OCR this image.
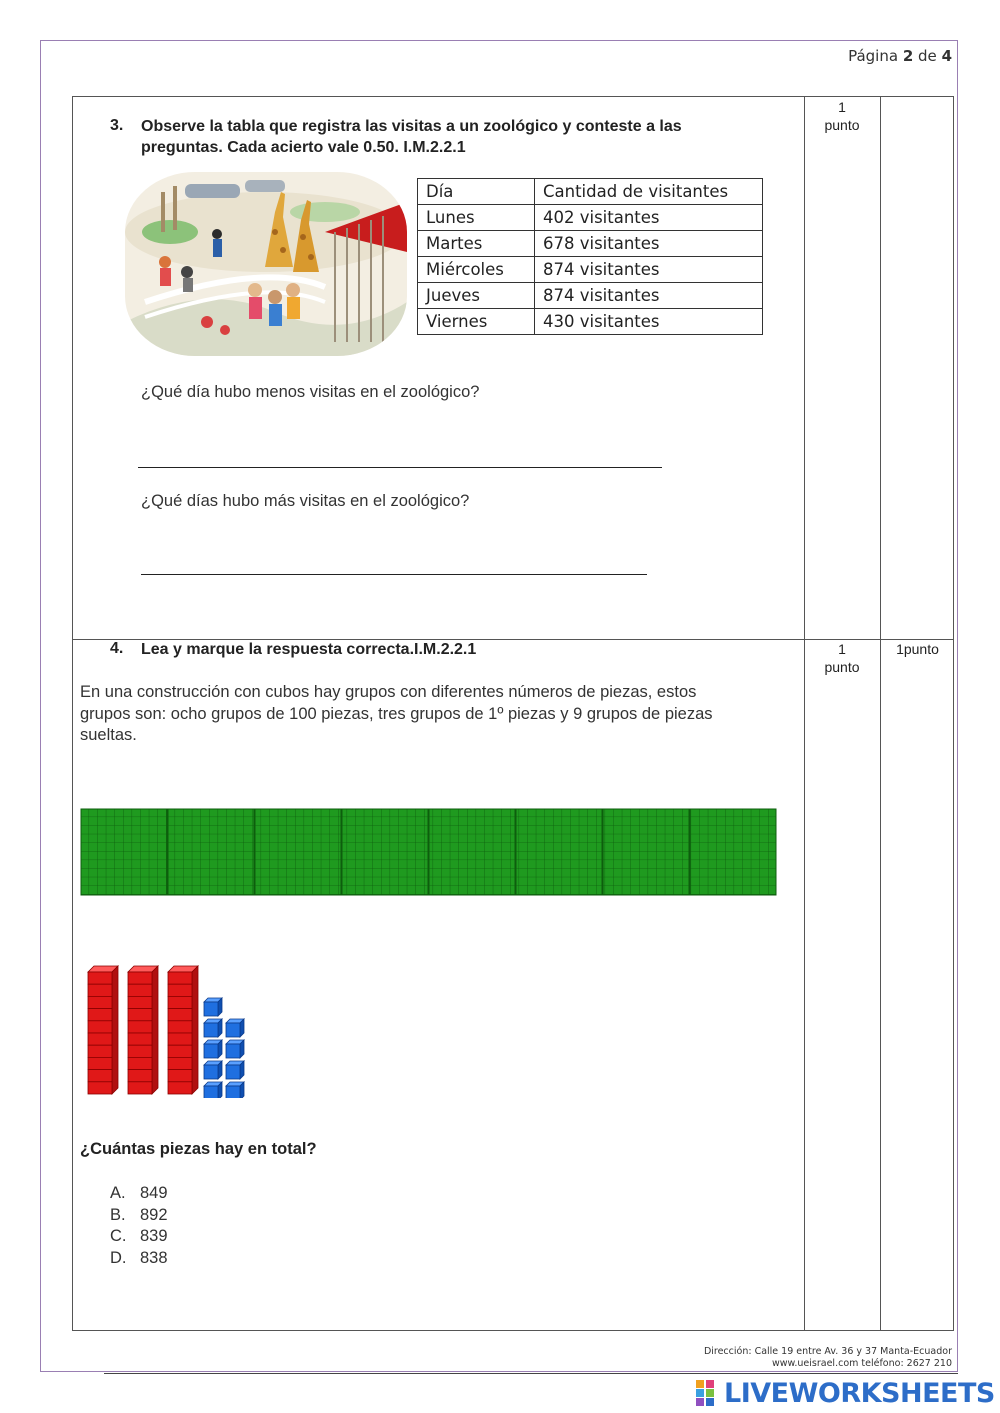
Página 2 de 4
1
punto
1
punto
1punto
3. Observe la tabla que registra las visitas a un zoológico y conteste a las
preguntas. Cada acierto vale 0.50. I.M.2.2.1
Día	Cantidad de visitantes
Lunes	402 visitantes
Martes	678 visitantes
Miércoles	874 visitantes
Jueves	874 visitantes
Viernes	430 visitantes
¿Qué día hubo menos visitas en el zoológico?
¿Qué días hubo más visitas en el zoológico?
4. Lea y marque la respuesta correcta.I.M.2.2.1
En una construcción con cubos hay grupos con diferentes números de piezas, estos
grupos son: ocho grupos de 100 piezas, tres grupos de 1º piezas y 9 grupos de piezas
sueltas.
¿Cuántas piezas hay en total?
A. 849
B. 892
C. 839
D. 838
Dirección: Calle 19 entre Av. 36 y 37 Manta-Ecuador
www.ueisrael.com teléfono: 2627 210
LIVEWORKSHEETS
